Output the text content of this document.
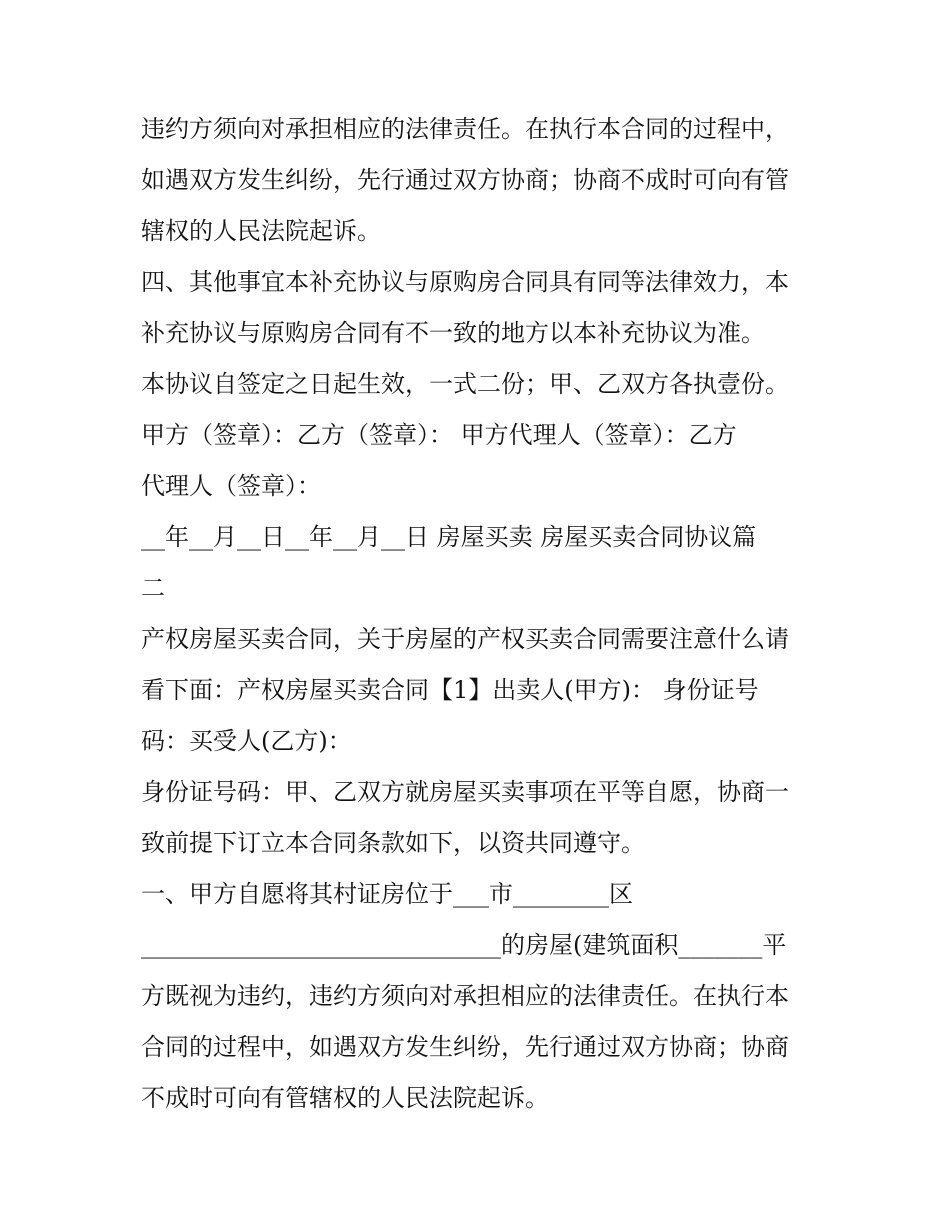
违约方须向对承担相应的法律责任。在执行本合同的过程中，
如遇双方发生纠纷，先行通过双方协商；协商不成时可向有管
辖权的人民法院起诉。
四、其他事宜本补充协议与原购房合同具有同等法律效力，本
补充协议与原购房合同有不一致的地方以本补充协议为准。
本协议自签定之日起生效，一式二份；甲、乙双方各执壹份。
甲方（签章）：乙方（签章）： 甲方代理人（签章）：乙方
代理人（签章）：
__年__月__日__年__月__日 房屋买卖 房屋买卖合同协议篇
二
产权房屋买卖合同，关于房屋的产权买卖合同需要注意什么请
看下面：产权房屋买卖合同【1】出卖人(甲方)： 身份证号
码：买受人(乙方)：
身份证号码：甲、乙双方就房屋买卖事项在平等自愿，协商一
致前提下订立本合同条款如下，以资共同遵守。
一、甲方自愿将其村证房位于___市________区
______________________________的房屋(建筑面积_______平
方既视为违约，违约方须向对承担相应的法律责任。在执行本
合同的过程中，如遇双方发生纠纷，先行通过双方协商；协商
不成时可向有管辖权的人民法院起诉。
